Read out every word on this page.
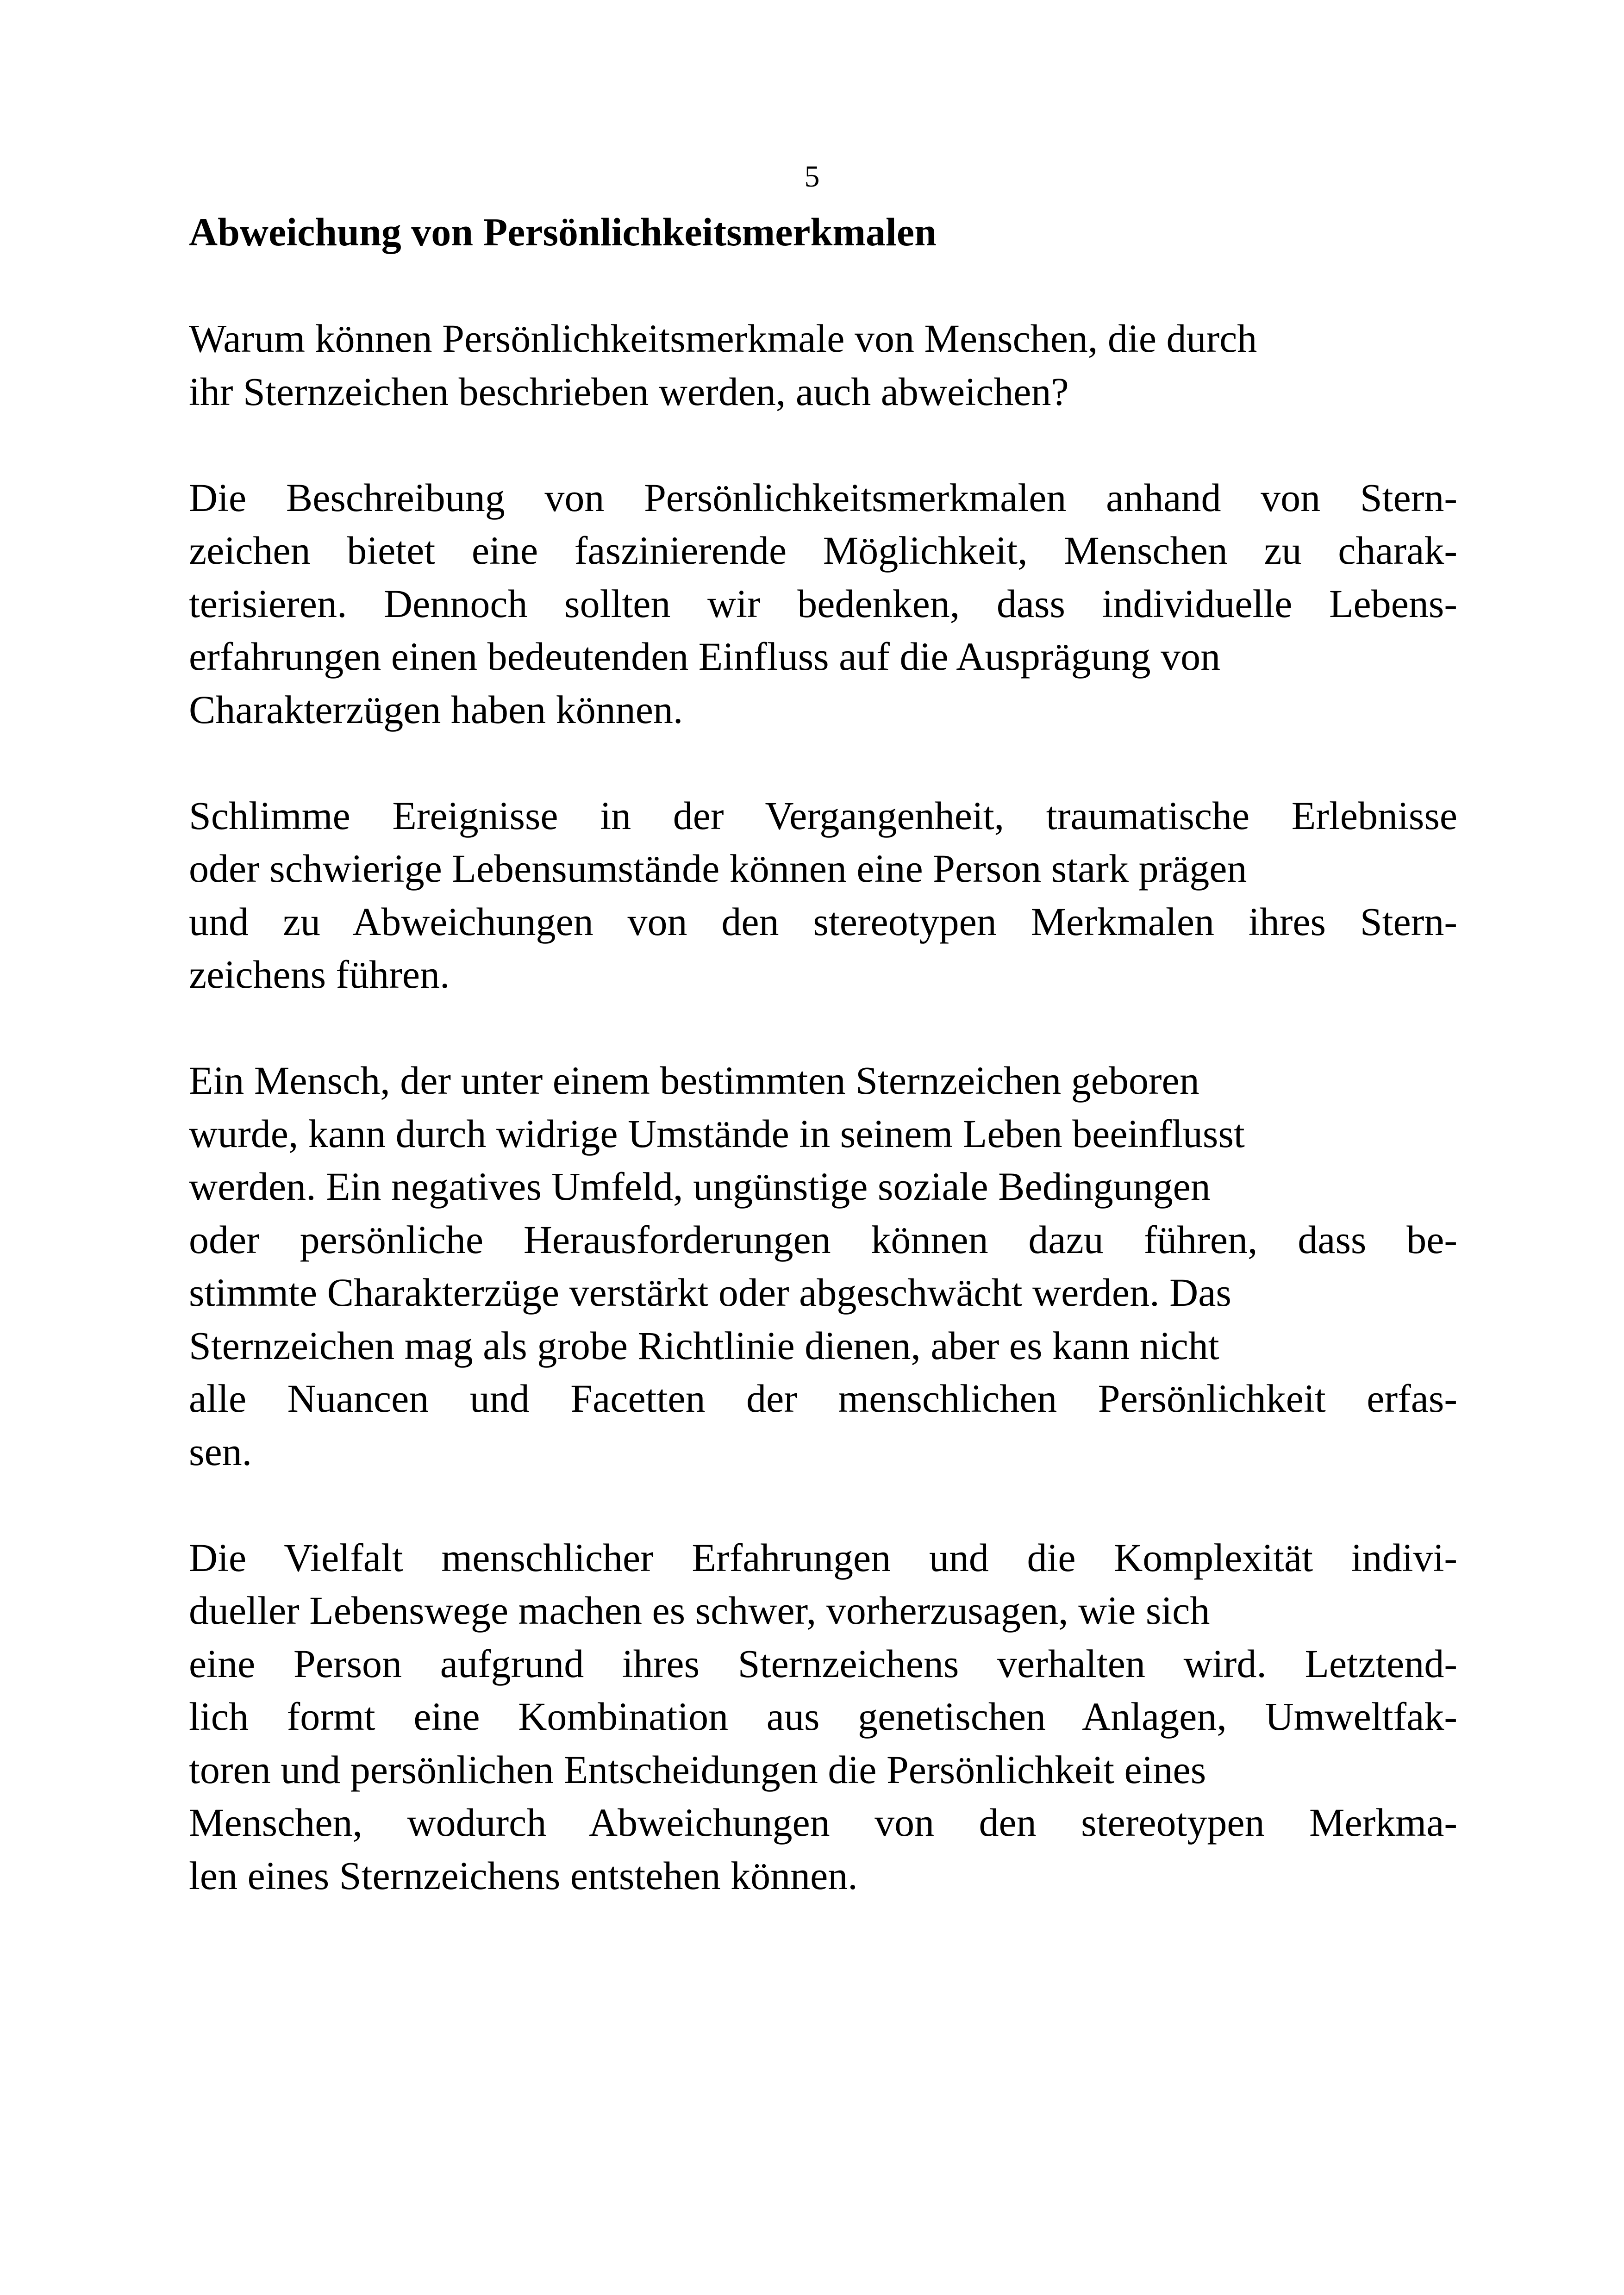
5
Abweichung von Persönlichkeitsmerkmalen

Warum können Persönlichkeitsmerkmale von Menschen, die durch
ihr Sternzeichen beschrieben werden, auch abweichen?

Die Beschreibung von Persönlichkeitsmerkmalen anhand von Stern-
zeichen bietet eine faszinierende Möglichkeit, Menschen zu charak-
terisieren. Dennoch sollten wir bedenken, dass individuelle Lebens-
erfahrungen einen bedeutenden Einfluss auf die Ausprägung von
Charakterzügen haben können.

Schlimme Ereignisse in der Vergangenheit, traumatische Erlebnisse
oder schwierige Lebensumstände können eine Person stark prägen
und zu Abweichungen von den stereotypen Merkmalen ihres Stern-
zeichens führen.

Ein Mensch, der unter einem bestimmten Sternzeichen geboren
wurde, kann durch widrige Umstände in seinem Leben beeinflusst
werden. Ein negatives Umfeld, ungünstige soziale Bedingungen
oder persönliche Herausforderungen können dazu führen, dass be-
stimmte Charakterzüge verstärkt oder abgeschwächt werden. Das
Sternzeichen mag als grobe Richtlinie dienen, aber es kann nicht
alle Nuancen und Facetten der menschlichen Persönlichkeit erfas-
sen.

Die Vielfalt menschlicher Erfahrungen und die Komplexität indivi-
dueller Lebenswege machen es schwer, vorherzusagen, wie sich
eine Person aufgrund ihres Sternzeichens verhalten wird. Letztend-
lich formt eine Kombination aus genetischen Anlagen, Umweltfak-
toren und persönlichen Entscheidungen die Persönlichkeit eines
Menschen, wodurch Abweichungen von den stereotypen Merkma-
len eines Sternzeichens entstehen können.
